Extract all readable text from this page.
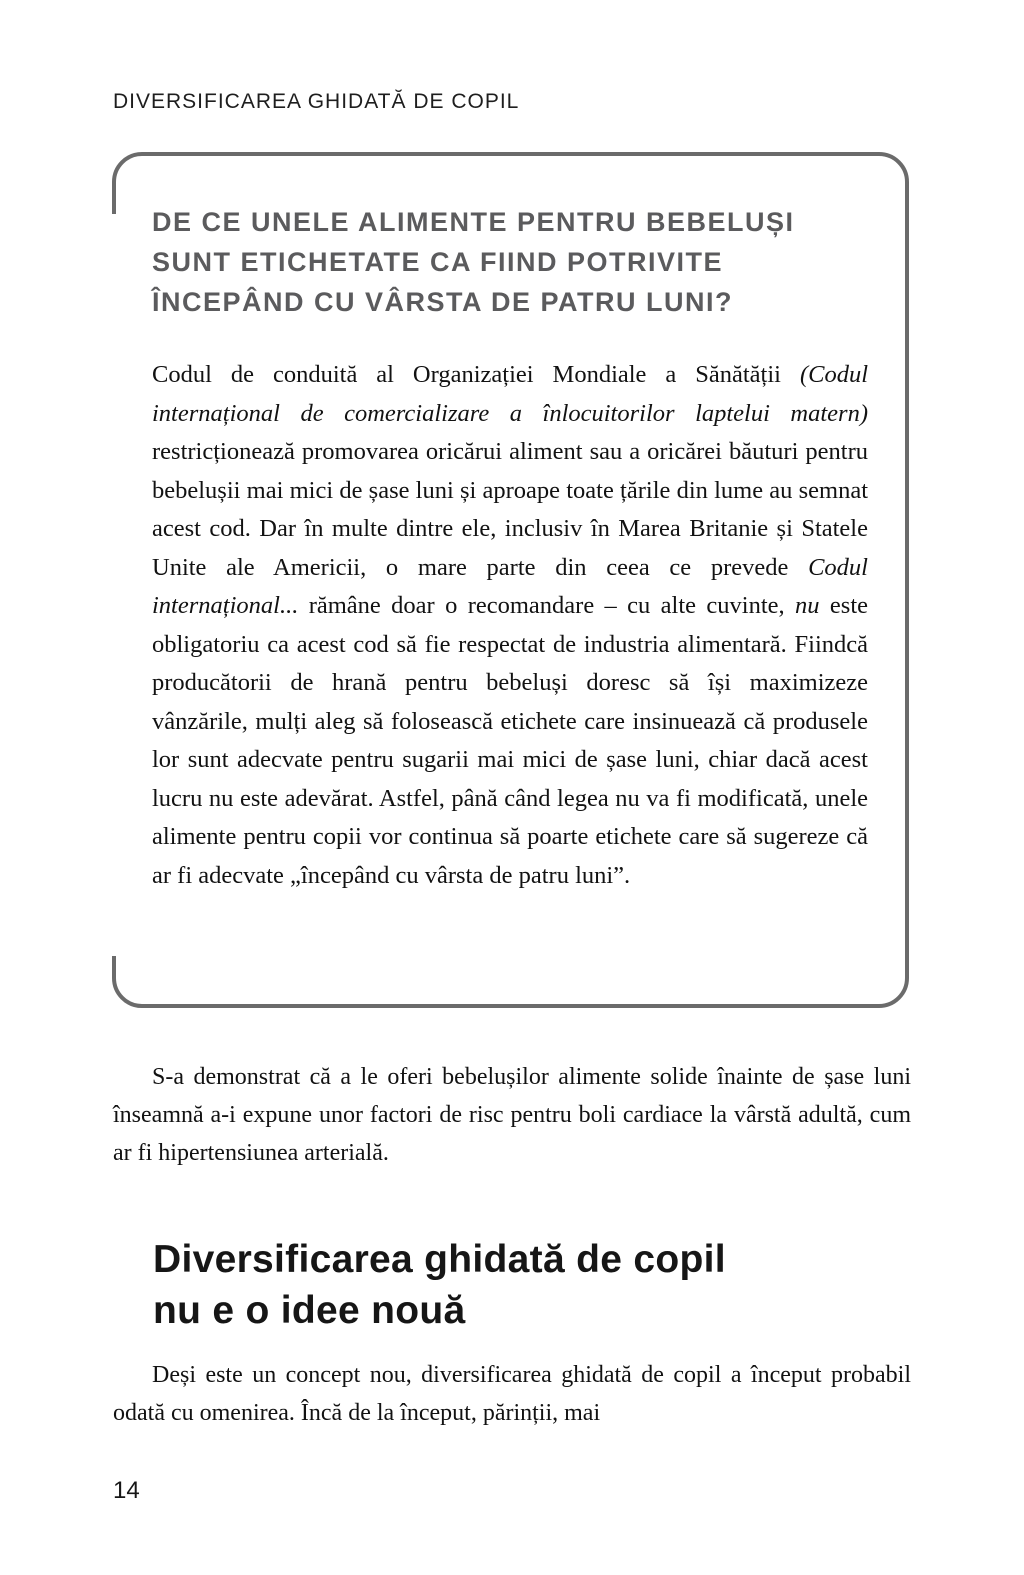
DIVERSIFICAREA GHIDATĂ DE COPIL
DE CE UNELE ALIMENTE PENTRU BEBELUȘI
SUNT ETICHETATE CA FIIND POTRIVITE
ÎNCEPÂND CU VÂRSTA DE PATRU LUNI?

Codul de conduită al Organizației Mondiale a Sănătății (Codul internațional de comercializare a înlocuitorilor laptelui matern) restricționează promovarea oricărui aliment sau a oricărei băuturi pentru bebelușii mai mici de șase luni și aproape toate țările din lume au semnat acest cod. Dar în multe dintre ele, inclusiv în Marea Britanie și Statele Unite ale Americii, o mare parte din ceea ce prevede Codul internațional... rămâne doar o recomandare – cu alte cuvinte, nu este obligatoriu ca acest cod să fie respectat de industria alimentară. Fiindcă producătorii de hrană pentru bebeluși doresc să își maximizeze vânzările, mulți aleg să folosească etichete care insinuează că produsele lor sunt adecvate pentru sugarii mai mici de șase luni, chiar dacă acest lucru nu este adevărat. Astfel, până când legea nu va fi modificată, unele alimente pentru copii vor continua să poarte etichete care să sugereze că ar fi adecvate „începând cu vârsta de patru luni”.

S-a demonstrat că a le oferi bebelușilor alimente solide înainte de șase luni înseamnă a-i expune unor factori de risc pentru boli cardiace la vârstă adultă, cum ar fi hipertensiunea arterială.

Diversificarea ghidată de copil
nu e o idee nouă

Deși este un concept nou, diversificarea ghidată de copil a început probabil odată cu omenirea. Încă de la început, părinții, mai

14
